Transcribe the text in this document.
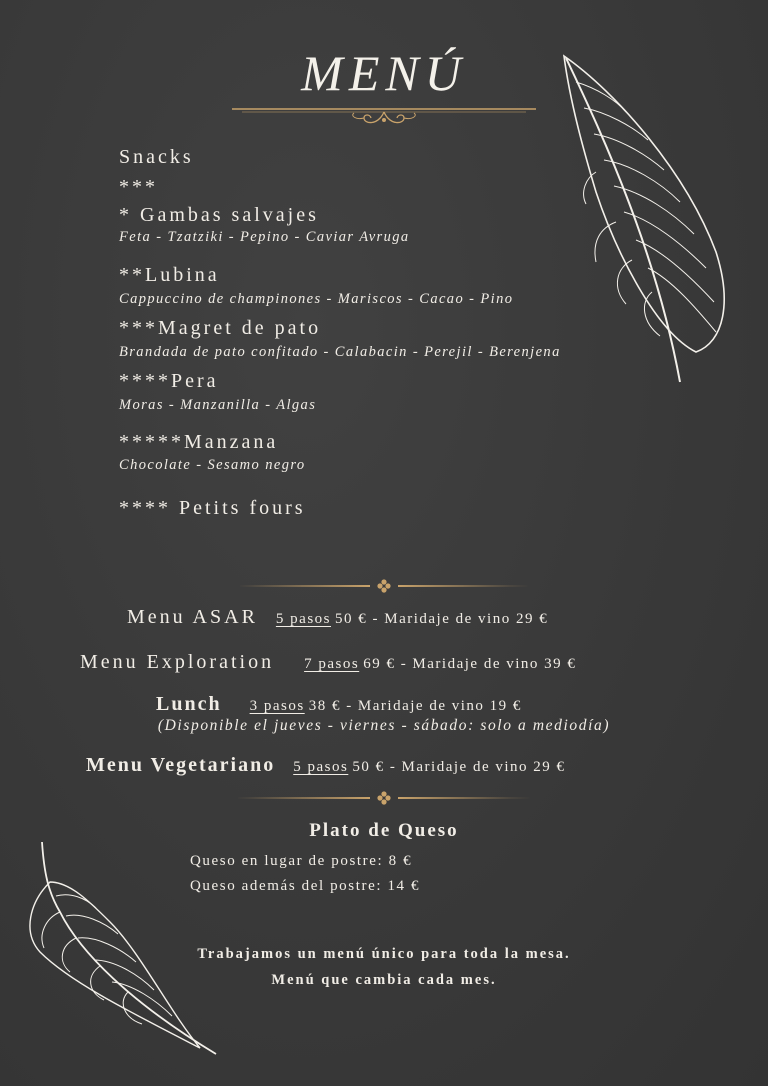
MENÚ
Snacks
***
* Gambas salvajes
Feta - Tzatziki - Pepino - Caviar Avruga
**Lubina
Cappuccino de champinones - Mariscos - Cacao - Pino
***Magret de pato
Brandada de pato confitado - Calabacin - Perejil - Berenjena
****Pera
Moras - Manzanilla - Algas
*****Manzana
Chocolate - Sesamo negro
**** Petits fours
Menu ASAR 5 pasos 50 € - Maridaje de vino 29 €
Menu Exploration 7 pasos 69 € - Maridaje de vino 39 €
Lunch 3 pasos 38 € - Maridaje de vino 19 €
(Disponible el jueves - viernes - sábado: solo a mediodía)
Menu Vegetariano 5 pasos 50 € - Maridaje de vino 29 €
Plato de Queso
Queso en lugar de postre: 8 €
Queso además del postre: 14 €
Trabajamos un menú único para toda la mesa.
Menú que cambia cada mes.
